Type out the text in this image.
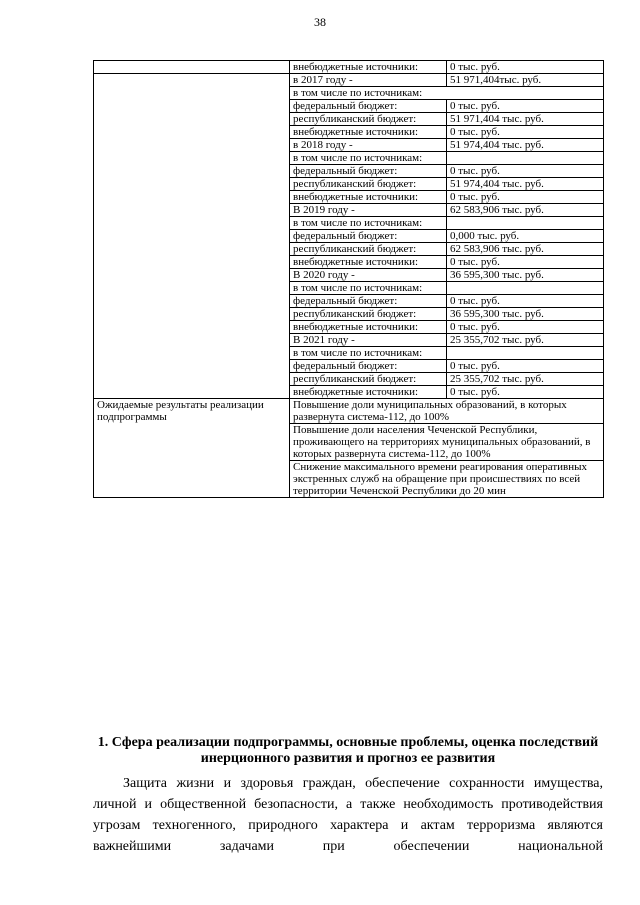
38
	внебюджетные источники:	0 тыс. руб.
	в 2017 году -	51 971,404тыс. руб.
	в том числе по источникам:	
	федеральный бюджет:	0 тыс. руб.
	республиканский бюджет:	51 971,404 тыс. руб.
	внебюджетные источники:	0 тыс. руб.
	в 2018 году -	51 974,404 тыс. руб.
	в том числе по источникам:	
	федеральный бюджет:	0 тыс. руб.
	республиканский бюджет:	51 974,404 тыс. руб.
	внебюджетные источники:	0 тыс. руб.
	В 2019 году -	62 583,906 тыс. руб.
	в том числе по источникам:	
	федеральный бюджет:	0,000 тыс. руб.
	республиканский бюджет:	62 583,906 тыс. руб.
	внебюджетные источники:	0 тыс. руб.
	В 2020 году -	36 595,300 тыс. руб.
	в том числе по источникам:	
	федеральный бюджет:	0 тыс. руб.
	республиканский бюджет:	36 595,300 тыс. руб.
	внебюджетные источники:	0 тыс. руб.
	В 2021 году -	25 355,702 тыс. руб.
	в том числе по источникам:	
	федеральный бюджет:	0 тыс. руб.
	республиканский бюджет:	25 355,702 тыс. руб.
	внебюджетные источники:	0 тыс. руб.
Ожидаемые результаты реализации подпрограммы	Повышение доли муниципальных образований, в которых развернута система-112, до 100%	
	Повышение доли населения Чеченской Республики, проживающего на территориях муниципальных образований, в которых развернута система-112, до 100%	
	Снижение максимального времени реагирования оперативных экстренных служб на обращение при происшествиях по всей территории Чеченской Республики до 20 мин	
1. Сфера реализации подпрограммы, основные проблемы, оценка последствий инерционного развития и прогноз ее развития
Защита жизни и здоровья граждан, обеспечение сохранности имущества, личной и общественной безопасности, а также необходимость противодействия угрозам техногенного, природного характера и актам терроризма являются важнейшими задачами при обеспечении национальной
